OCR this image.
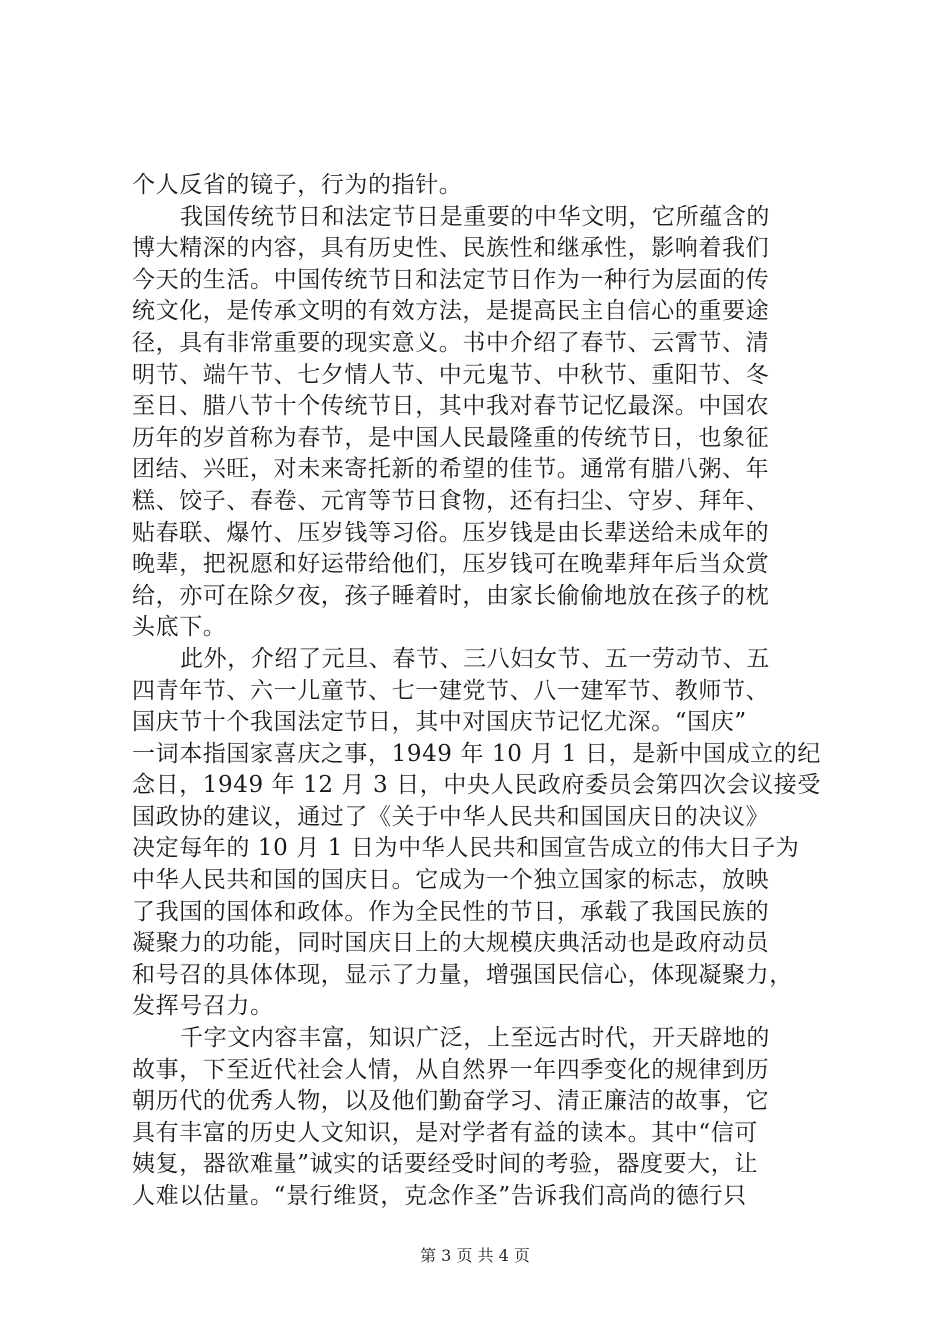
个人反省的镜子，行为的指针。
我国传统节日和法定节日是重要的中华文明，它所蕴含的
博大精深的内容，具有历史性、民族性和继承性，影响着我们
今天的生活。中国传统节日和法定节日作为一种行为层面的传
统文化，是传承文明的有效方法，是提高民主自信心的重要途
径，具有非常重要的现实意义。书中介绍了春节、云霄节、清
明节、端午节、七夕情人节、中元鬼节、中秋节、重阳节、冬
至日、腊八节十个传统节日，其中我对春节记忆最深。中国农
历年的岁首称为春节，是中国人民最隆重的传统节日，也象征
团结、兴旺，对未来寄托新的希望的佳节。通常有腊八粥、年
糕、饺子、春卷、元宵等节日食物，还有扫尘、守岁、拜年、
贴春联、爆竹、压岁钱等习俗。压岁钱是由长辈送给未成年的
晚辈，把祝愿和好运带给他们，压岁钱可在晚辈拜年后当众赏
给，亦可在除夕夜，孩子睡着时，由家长偷偷地放在孩子的枕
头底下。
此外，介绍了元旦、春节、三八妇女节、五一劳动节、五
四青年节、六一儿童节、七一建党节、八一建军节、教师节、
国庆节十个我国法定节日，其中对国庆节记忆尤深。“国庆”
一词本指国家喜庆之事，1949 年 10 月 1 日，是新中国成立的纪
念日，1949 年 12 月 3 日，中央人民政府委员会第四次会议接受
国政协的建议，通过了《关于中华人民共和国国庆日的决议》
决定每年的 10 月 1 日为中华人民共和国宣告成立的伟大日子为
中华人民共和国的国庆日。它成为一个独立国家的标志，放映
了我国的国体和政体。作为全民性的节日，承载了我国民族的
凝聚力的功能，同时国庆日上的大规模庆典活动也是政府动员
和号召的具体体现，显示了力量，增强国民信心，体现凝聚力，
发挥号召力。
千字文内容丰富，知识广泛，上至远古时代，开天辟地的
故事，下至近代社会人情，从自然界一年四季变化的规律到历
朝历代的优秀人物，以及他们勤奋学习、清正廉洁的故事，它
具有丰富的历史人文知识，是对学者有益的读本。其中“信可
姨复，器欲难量”诚实的话要经受时间的考验，器度要大，让
人难以估量。“景行维贤，克念作圣”告诉我们高尚的德行只
第 3 页 共 4 页
